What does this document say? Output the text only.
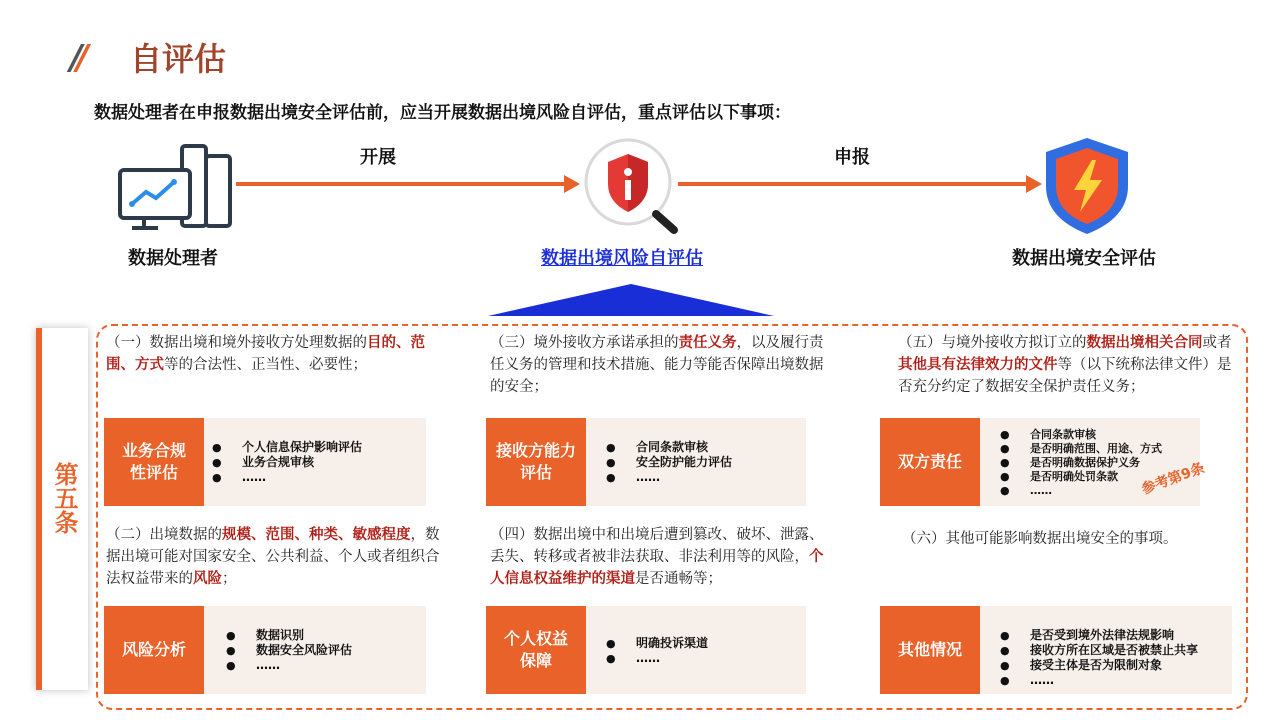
// 自评估
数据处理者在申报数据出境安全评估前，应当开展数据出境风险自评估，重点评估以下事项：
开展	申报
数据处理者	数据出境风险自评估	数据出境安全评估
第五条
（一）数据出境和境外接收方处理数据的目的、范围、方式等的合法性、正当性、必要性；
业务合规性评估
● 个人信息保护影响评估
● 业务合规审核
● ……
（二）出境数据的规模、范围、种类、敏感程度，数据出境可能对国家安全、公共利益、个人或者组织合法权益带来的风险；
风险分析
● 数据识别
● 数据安全风险评估
● ……
（三）境外接收方承诺承担的责任义务，以及履行责任义务的管理和技术措施、能力等能否保障出境数据的安全；
接收方能力评估
● 合同条款审核
● 安全防护能力评估
● ……
（四）数据出境中和出境后遭到篡改、破坏、泄露、丢失、转移或者被非法获取、非法利用等的风险，个人信息权益维护的渠道是否通畅等；
个人权益保障
● 明确投诉渠道
● ……
（五）与境外接收方拟订立的数据出境相关合同或者其他具有法律效力的文件等（以下统称法律文件）是否充分约定了数据安全保护责任义务；
双方责任
● 合同条款审核
● 是否明确范围、用途、方式
● 是否明确数据保护义务
● 是否明确处罚条款
● ……	参考第9条
（六）其他可能影响数据出境安全的事项。
其他情况
● 是否受到境外法律法规影响
● 接收方所在区域是否被禁止共享
● 接受主体是否为限制对象
● ……
